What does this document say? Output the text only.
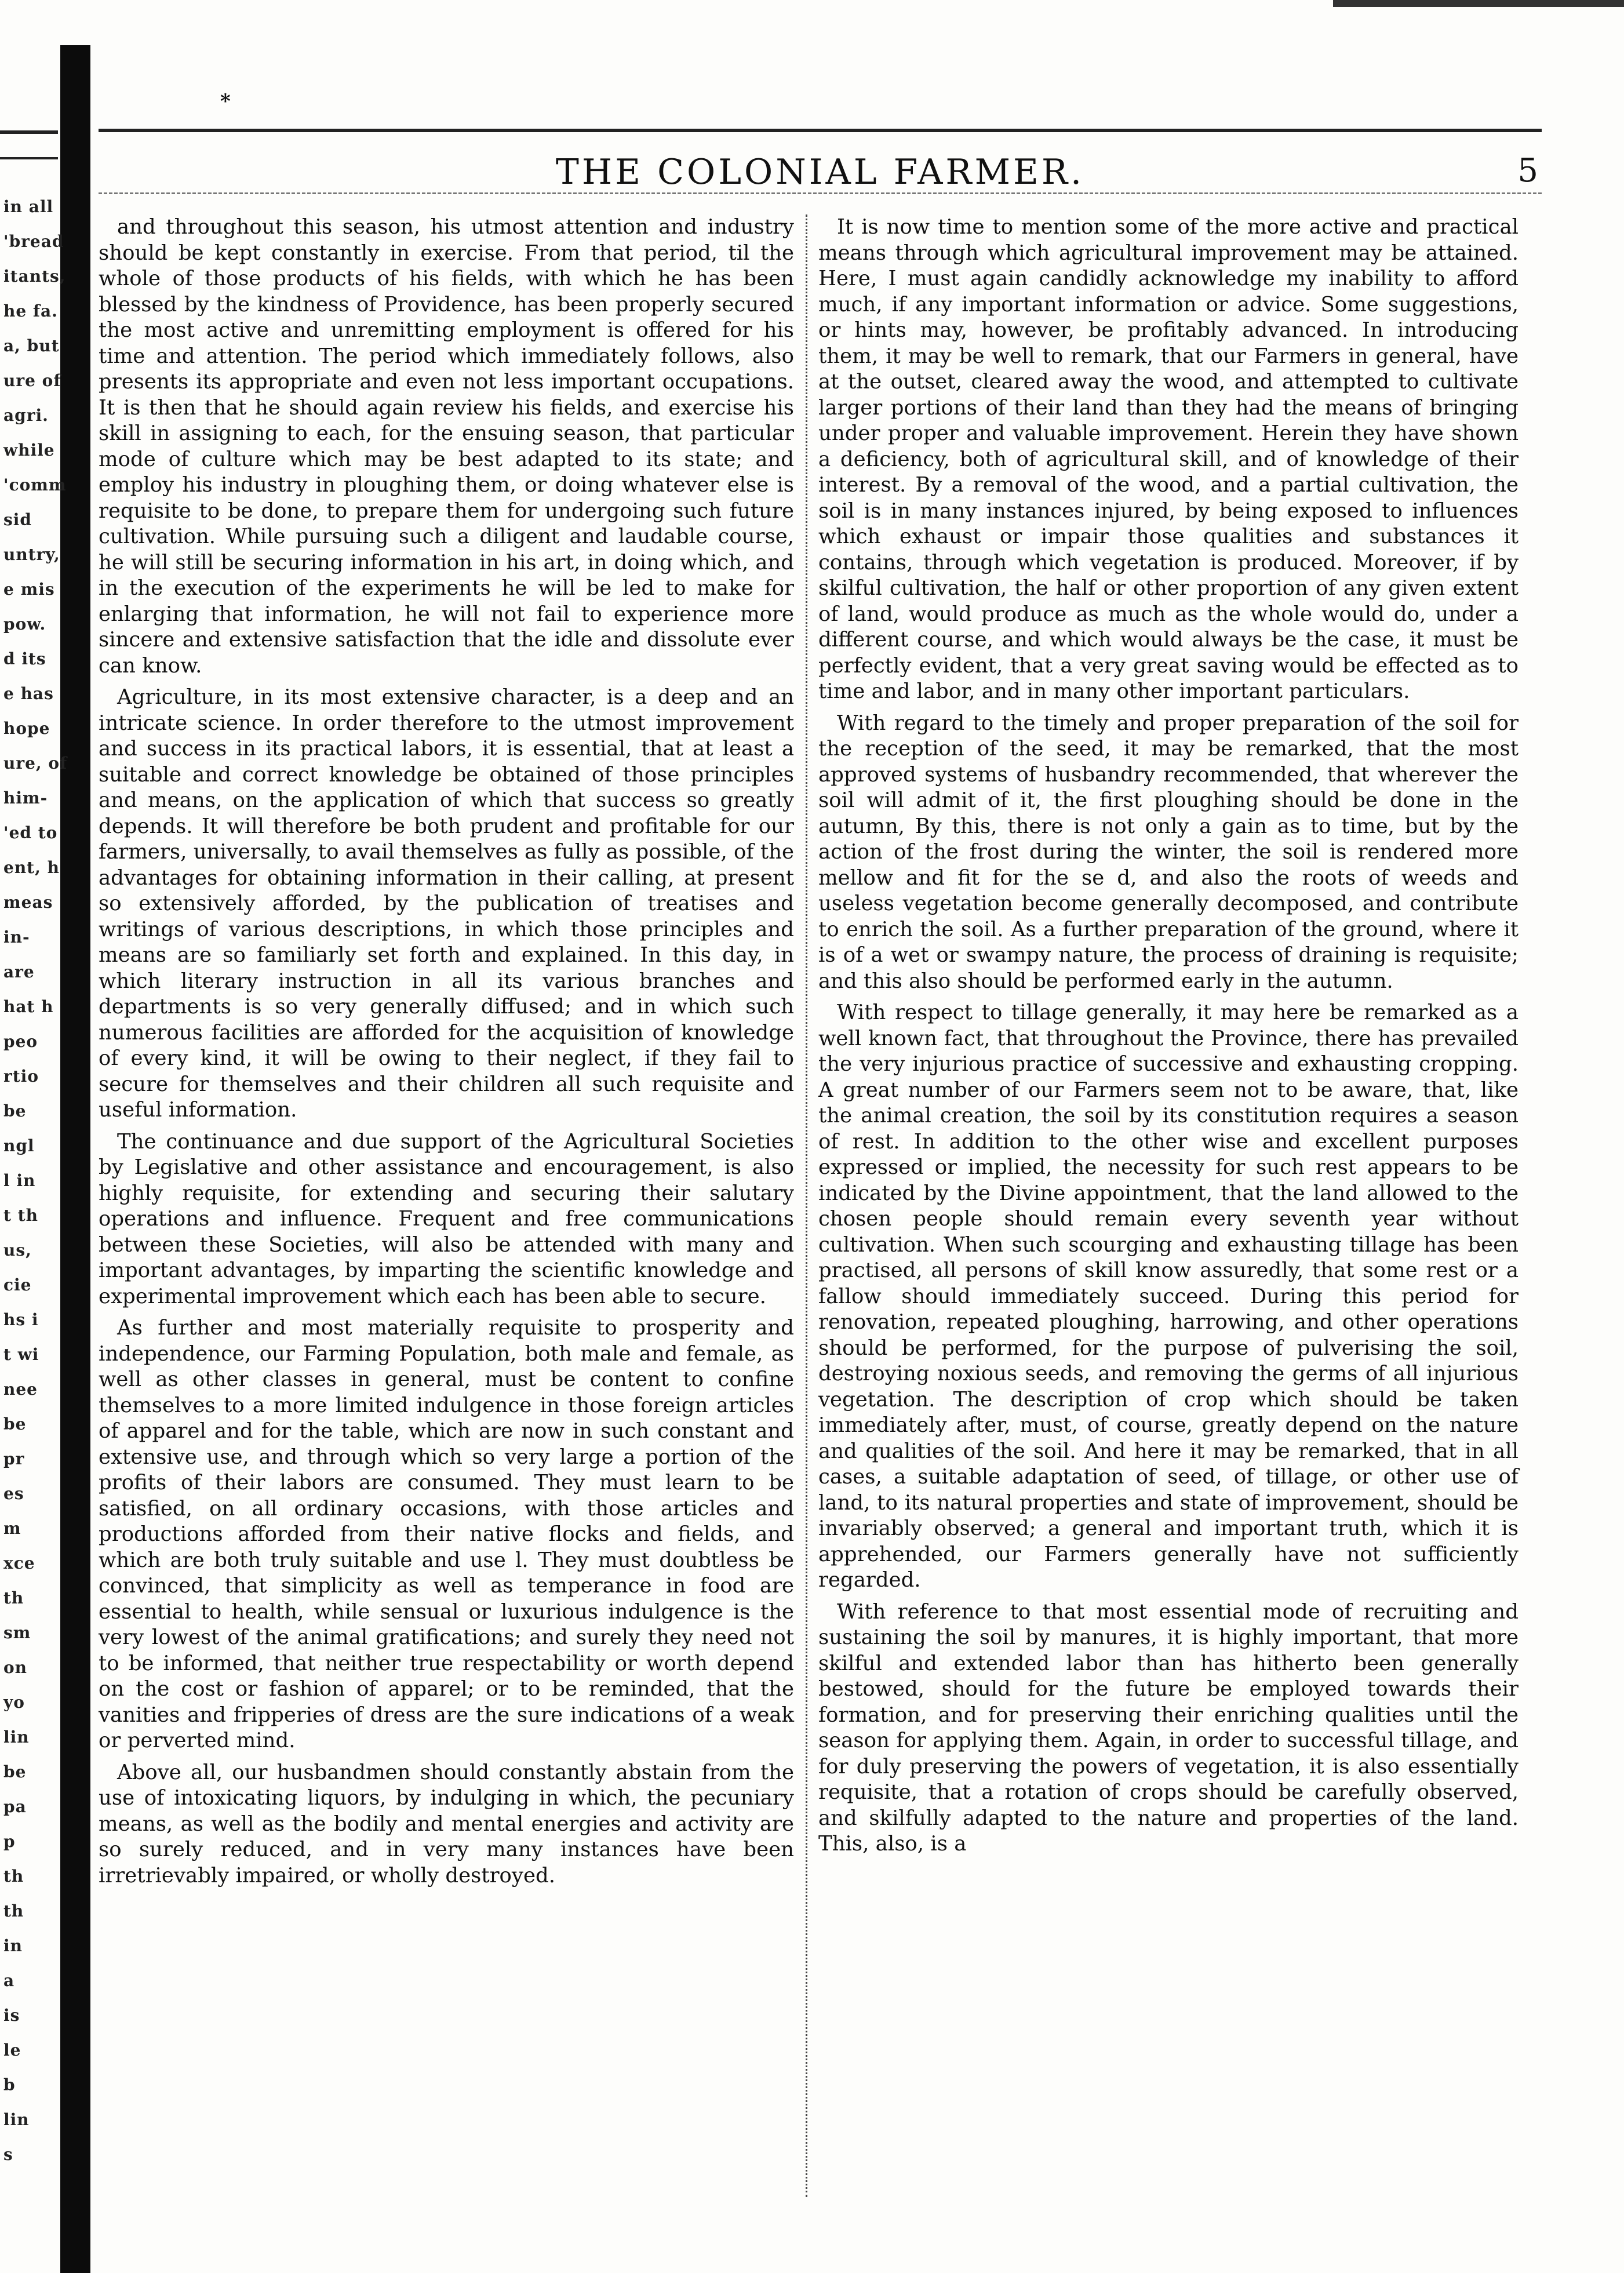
in all
'bread
itants,
he fa.
a, but
ure of
agri.
while
'comm
sid
untry,
e mis
pow.
d its
e has
hope
ure, of
him-
'ed to
ent, h
meas
in-
are
hat h
peo
rtio
be
ngl
l in
t th
us,
cie
hs i
t wi
nee
be
pr
es
m
xce
th
sm
on
yo
lin
be
pa
p
th
th
in
a
is
le
b
lin
s
*
THE COLONIAL FARMER.	5

and throughout this season, his utmost attention and industry should be kept constantly in exercise. From that period, til the whole of those products of his fields, with which he has been blessed by the kindness of Providence, has been properly secured the most active and unremitting employment is offered for his time and attention. The period which immediately follows, also presents its appropriate and even not less important occupations. It is then that he should again review his fields, and exercise his skill in assigning to each, for the ensuing season, that particular mode of culture which may be best adapted to its state; and employ his industry in ploughing them, or doing whatever else is requisite to be done, to prepare them for undergoing such future cultivation. While pursuing such a diligent and laudable course, he will still be securing information in his art, in doing which, and in the execution of the experiments he will be led to make for enlarging that information, he will not fail to experience more sincere and extensive satisfaction that the idle and dissolute ever can know.

Agriculture, in its most extensive character, is a deep and an intricate science. In order therefore to the utmost improvement and success in its practical labors, it is essential, that at least a suitable and correct knowledge be obtained of those principles and means, on the application of which that success so greatly depends. It will therefore be both prudent and profitable for our farmers, universally, to avail themselves as fully as possible, of the advantages for obtaining information in their calling, at present so extensively afforded, by the publication of treatises and writings of various descriptions, in which those principles and means are so familiarly set forth and explained. In this day, in which literary instruction in all its various branches and departments is so very generally diffused; and in which such numerous facilities are afforded for the acquisition of knowledge of every kind, it will be owing to their neglect, if they fail to secure for themselves and their children all such requisite and useful information.

The continuance and due support of the Agricultural Societies by Legislative and other assistance and encouragement, is also highly requisite, for extending and securing their salutary operations and influence. Frequent and free communications between these Societies, will also be attended with many and important advantages, by imparting the scientific knowledge and experimental improvement which each has been able to secure.

As further and most materially requisite to prosperity and independence, our Farming Population, both male and female, as well as other classes in general, must be content to confine themselves to a more limited indulgence in those foreign articles of apparel and for the table, which are now in such constant and extensive use, and through which so very large a portion of the profits of their labors are consumed. They must learn to be satisfied, on all ordinary occasions, with those articles and productions afforded from their native flocks and fields, and which are both truly suitable and use l. They must doubtless be convinced, that simplicity as well as temperance in food are essential to health, while sensual or luxurious indulgence is the very lowest of the animal gratifications; and surely they need not to be informed, that neither true respectability or worth depend on the cost or fashion of apparel; or to be reminded, that the vanities and fripperies of dress are the sure indications of a weak or perverted mind.

Above all, our husbandmen should constantly abstain from the use of intoxicating liquors, by indulging in which, the pecuniary means, as well as the bodily and mental energies and activity are so surely reduced, and in very many instances have been irretrievably impaired, or wholly destroyed.

It is now time to mention some of the more active and practical means through which agricultural improvement may be attained. Here, I must again candidly acknowledge my inability to afford much, if any important information or advice. Some suggestions, or hints may, however, be profitably advanced. In introducing them, it may be well to remark, that our Farmers in general, have at the outset, cleared away the wood, and attempted to cultivate larger portions of their land than they had the means of bringing under proper and valuable improvement. Herein they have shown a deficiency, both of agricultural skill, and of knowledge of their interest. By a removal of the wood, and a partial cultivation, the soil is in many instances injured, by being exposed to influences which exhaust or impair those qualities and substances it contains, through which vegetation is produced. Moreover, if by skilful cultivation, the half or other proportion of any given extent of land, would produce as much as the whole would do, under a different course, and which would always be the case, it must be perfectly evident, that a very great saving would be effected as to time and labor, and in many other important particulars.

With regard to the timely and proper preparation of the soil for the reception of the seed, it may be remarked, that the most approved systems of husbandry recommended, that wherever the soil will admit of it, the first ploughing should be done in the autumn, By this, there is not only a gain as to time, but by the action of the frost during the winter, the soil is rendered more mellow and fit for the se d, and also the roots of weeds and useless vegetation become generally decomposed, and contribute to enrich the soil. As a further preparation of the ground, where it is of a wet or swampy nature, the process of draining is requisite; and this also should be performed early in the autumn.

With respect to tillage generally, it may here be remarked as a well known fact, that throughout the Province, there has prevailed the very injurious practice of successive and exhausting cropping. A great number of our Farmers seem not to be aware, that, like the animal creation, the soil by its constitution requires a season of rest. In addition to the other wise and excellent purposes expressed or implied, the necessity for such rest appears to be indicated by the Divine appointment, that the land allowed to the chosen people should remain every seventh year without cultivation. When such scourging and exhausting tillage has been practised, all persons of skill know assuredly, that some rest or a fallow should immediately succeed. During this period for renovation, repeated ploughing, harrowing, and other operations should be performed, for the purpose of pulverising the soil, destroying noxious seeds, and removing the germs of all injurious vegetation. The description of crop which should be taken immediately after, must, of course, greatly depend on the nature and qualities of the soil. And here it may be remarked, that in all cases, a suitable adaptation of seed, of tillage, or other use of land, to its natural properties and state of improvement, should be invariably observed; a general and important truth, which it is apprehended, our Farmers generally have not sufficiently regarded.

With reference to that most essential mode of recruiting and sustaining the soil by manures, it is highly important, that more skilful and extended labor than has hitherto been generally bestowed, should for the future be employed towards their formation, and for preserving their enriching qualities until the season for applying them. Again, in order to successful tillage, and for duly preserving the powers of vegetation, it is also essentially requisite, that a rotation of crops should be carefully observed, and skilfully adapted to the nature and properties of the land. This, also, is a
